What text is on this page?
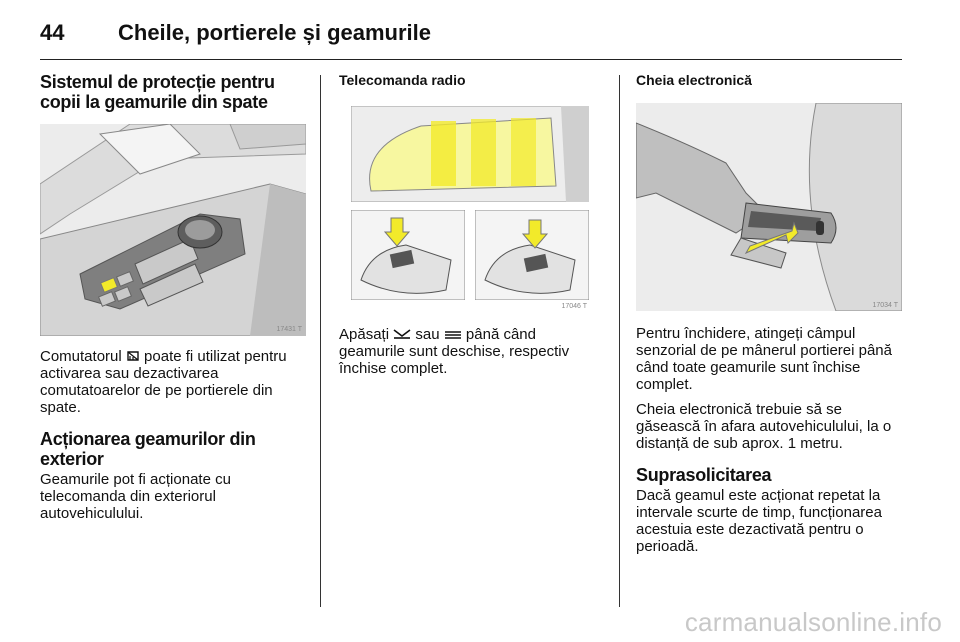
44 Cheile, portierele și geamurile
Sistemul de protecție pentru copii la geamurile din spate
17431 T

Comutatorul poate fi utilizat pentru activarea sau dezactivarea comutatoarelor de pe portierele din spate.

Acționarea geamurilor din exterior

Geamurile pot fi acționate cu telecomanda din exteriorul autovehiculului.

Telecomanda radio
17046 T

Apăsați sau până când geamurile sunt deschise, respectiv închise complet.

Cheia electronică
17034 T

Pentru închidere, atingeți câmpul senzorial de pe mânerul portierei până când toate geamurile sunt închise complet.

Cheia electronică trebuie să se găsească în afara autovehiculului, la o distanță de sub aprox. 1 metru.

Suprasolicitarea

Dacă geamul este acționat repetat la intervale scurte de timp, funcționarea acestuia este dezactivată pentru o perioadă.

carmanualsonline.info
